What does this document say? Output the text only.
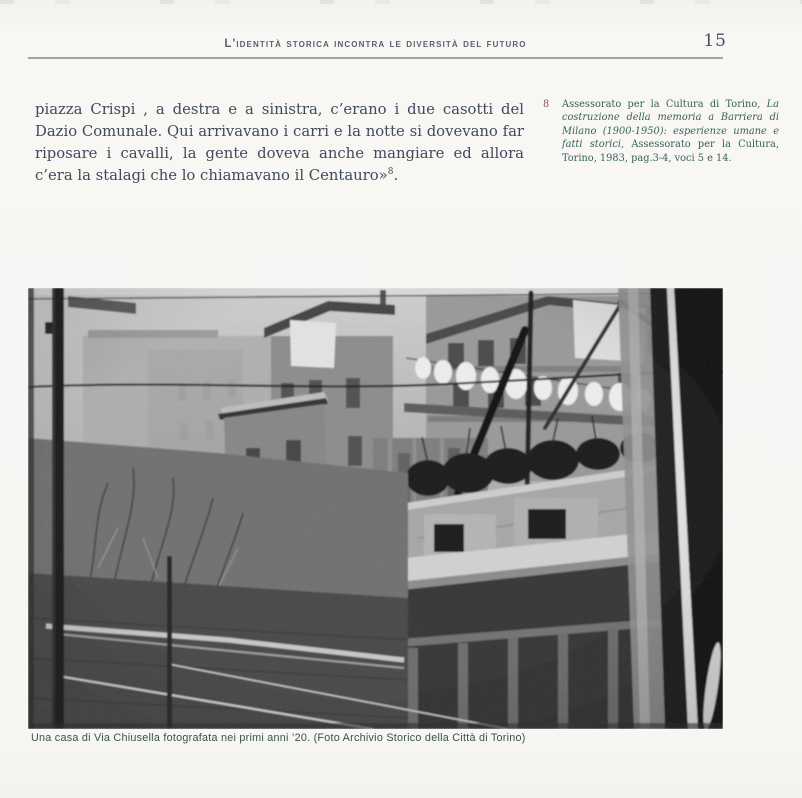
L'identità storica incontra le diversità del futuro	15

piazza Crispi , a destra e a sinistra, c’erano i due casotti del Dazio Comunale. Qui arrivavano i carri e la notte si dovevano far riposare i cavalli, la gente doveva anche mangiare ed allora c’era la stalagi che lo chiamavano il Centauro»$^8$.

8	Assessorato per la Cultura di Torino, La costruzione della memoria a Barriera di Milano (1900-1950): esperienze umane e fatti storici, Assessorato per la Cultura, Torino, 1983, pag.3-4, voci 5 e 14.
Una casa di Via Chiusella fotografata nei primi anni ’20. (Foto Archivio Storico della Città di Torino)
